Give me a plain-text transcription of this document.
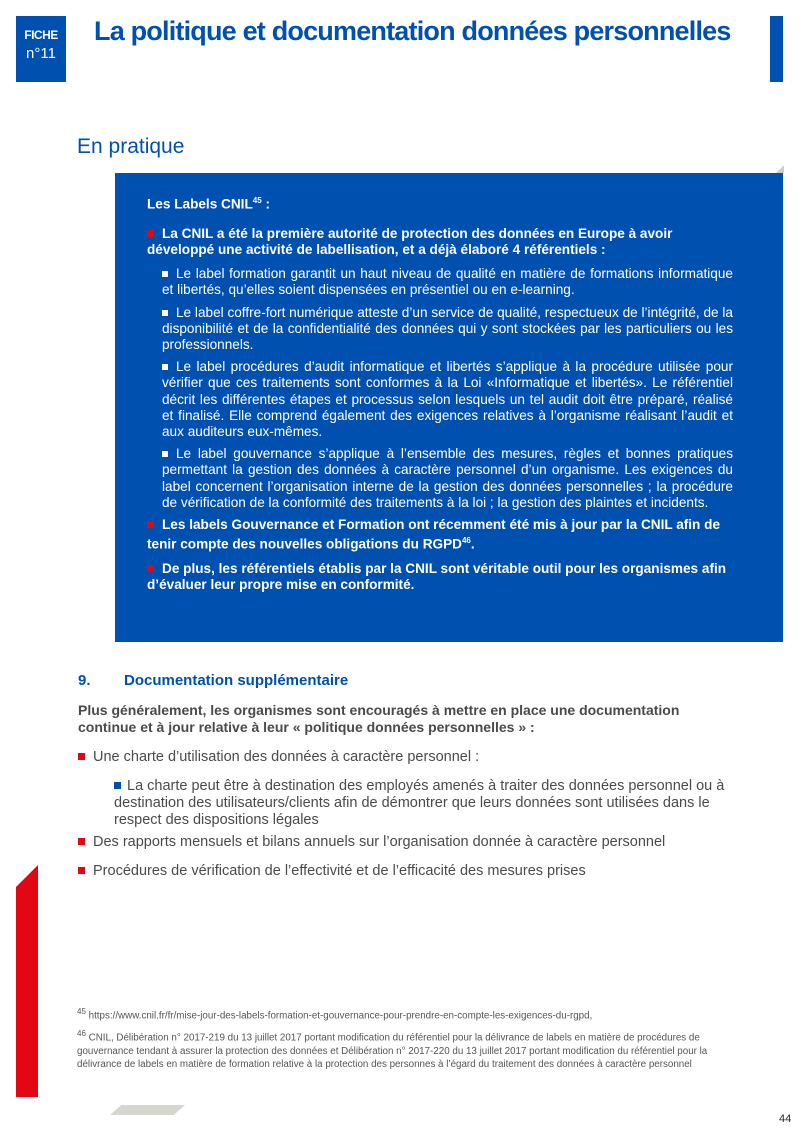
FICHE
n°11
La politique et documentation données personnelles
En pratique
Les Labels CNIL$^{45}$ :
La CNIL a été la première autorité de protection des données en Europe à avoir développé une activité de labellisation, et a déjà élaboré 4 référentiels :
Le label formation garantit un haut niveau de qualité en matière de formations informatique et libertés, qu’elles soient dispensées en présentiel ou en e-learning.
Le label coffre-fort numérique atteste d’un service de qualité, respectueux de l’intégrité, de la disponibilité et de la confidentialité des données qui y sont stockées par les particuliers ou les professionnels.
Le label procédures d’audit informatique et libertés s’applique à la procédure utilisée pour vérifier que ces traitements sont conformes à la Loi «Informatique et libertés». Le référentiel décrit les différentes étapes et processus selon lesquels un tel audit doit être préparé, réalisé et finalisé. Elle comprend également des exigences relatives à l’organisme réalisant l’audit et aux auditeurs eux-mêmes.
Le label gouvernance s’applique à l’ensemble des mesures, règles et bonnes pratiques permettant la gestion des données à caractère personnel d’un organisme. Les exigences du label concernent l’organisation interne de la gestion des données personnelles ; la procédure de vérification de la conformité des traitements à la loi ; la gestion des plaintes et incidents.
Les labels Gouvernance et Formation ont récemment été mis à jour par la CNIL afin de tenir compte des nouvelles obligations du RGPD$^{46}$.
De plus, les référentiels établis par la CNIL sont véritable outil pour les organismes afin d’évaluer leur propre mise en conformité.
9. Documentation supplémentaire
Plus généralement, les organismes sont encouragés à mettre en place une documentation continue et à jour relative à leur « politique données personnelles » :
Une charte d’utilisation des données à caractère personnel :
La charte peut être à destination des employés amenés à traiter des données personnel ou à destination des utilisateurs/clients afin de démontrer que leurs données sont utilisées dans le respect des dispositions légales
Des rapports mensuels et bilans annuels sur l’organisation donnée à caractère personnel
Procédures de vérification de l’effectivité et de l’efficacité des mesures prises

$^{45}$ https://www.cnil.fr/fr/mise-jour-des-labels-formation-et-gouvernance-pour-prendre-en-compte-les-exigences-du-rgpd,

$^{46}$ CNIL, Délibération n° 2017-219 du 13 juillet 2017 portant modification du référentiel pour la délivrance de labels en matière de procédures de gouvernance tendant à assurer la protection des données et Délibération n° 2017-220 du 13 juillet 2017 portant modification du référentiel pour la délivrance de labels en matière de formation relative à la protection des personnes à l’égard du traitement des données à caractère personnel

44
